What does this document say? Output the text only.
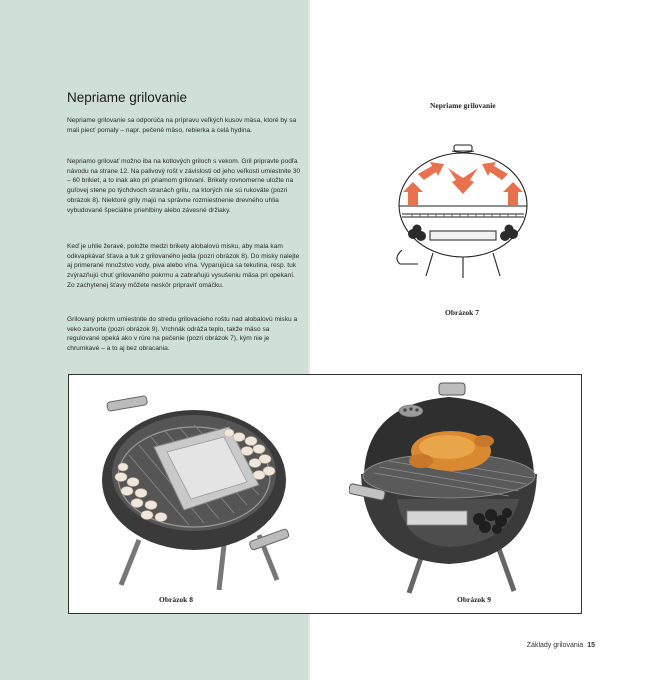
Nepriame grilovanie

Nepriame grilovanie sa odporúča na prípravu veľkých kusov mäsa, ktoré by sa mali piecť pomaly – napr. pečené mäso, rebierka a celá hydina.

Nepriamo grilovať možno iba na kotlových griloch s vekom. Gril pripravte podľa návodu na strane 12. Na palivový rošt v závislosti od jeho veľkosti umiestnite 30 – 60 brikiet, a to inak ako pri priamom grilovaní. Brikety rovnomerne uložte na guľovej stene po týchdvoch stranách grilu, na ktorých nie sú rukoväte (pozri obrázok 8). Niektoré grily majú na správne rozmiestnenie drevného uhlia vybudované špeciálne priehlbiny alebo závesné držiaky.

Keď je uhlie žeravé, položte medzi brikety alobalovú misku, aby mala kam odkvapkávať šťava a tuk z grilovaného jedla (pozri obrázok 8). Do misky nalejte aj primerané množstvo vody, piva alebo vína. Vyparujúca sa tekutina, resp. tuk zvýrazňujú chuť grilovaného pokrmu a zabraňujú vysušeniu mäsa pri opekaní. Zo zachytenej šťavy môžete neskôr pripraviť omáčku.

Grilovaný pokrm umiestnite do stredu grilovacieho roštu nad alobalovú misku a veko zatvorte (pozri obrázok 9). Vrchnák odráža teplo, takže mäso sa regulované opeká ako v rúre na pečenie (pozri obrázok 7), kým nie je chrumkavé – a to aj bez obracania.

Nepriame grilovanie
Obrázok 7
Obrázok 8	Obrázok 9
Základy grilovania 15
